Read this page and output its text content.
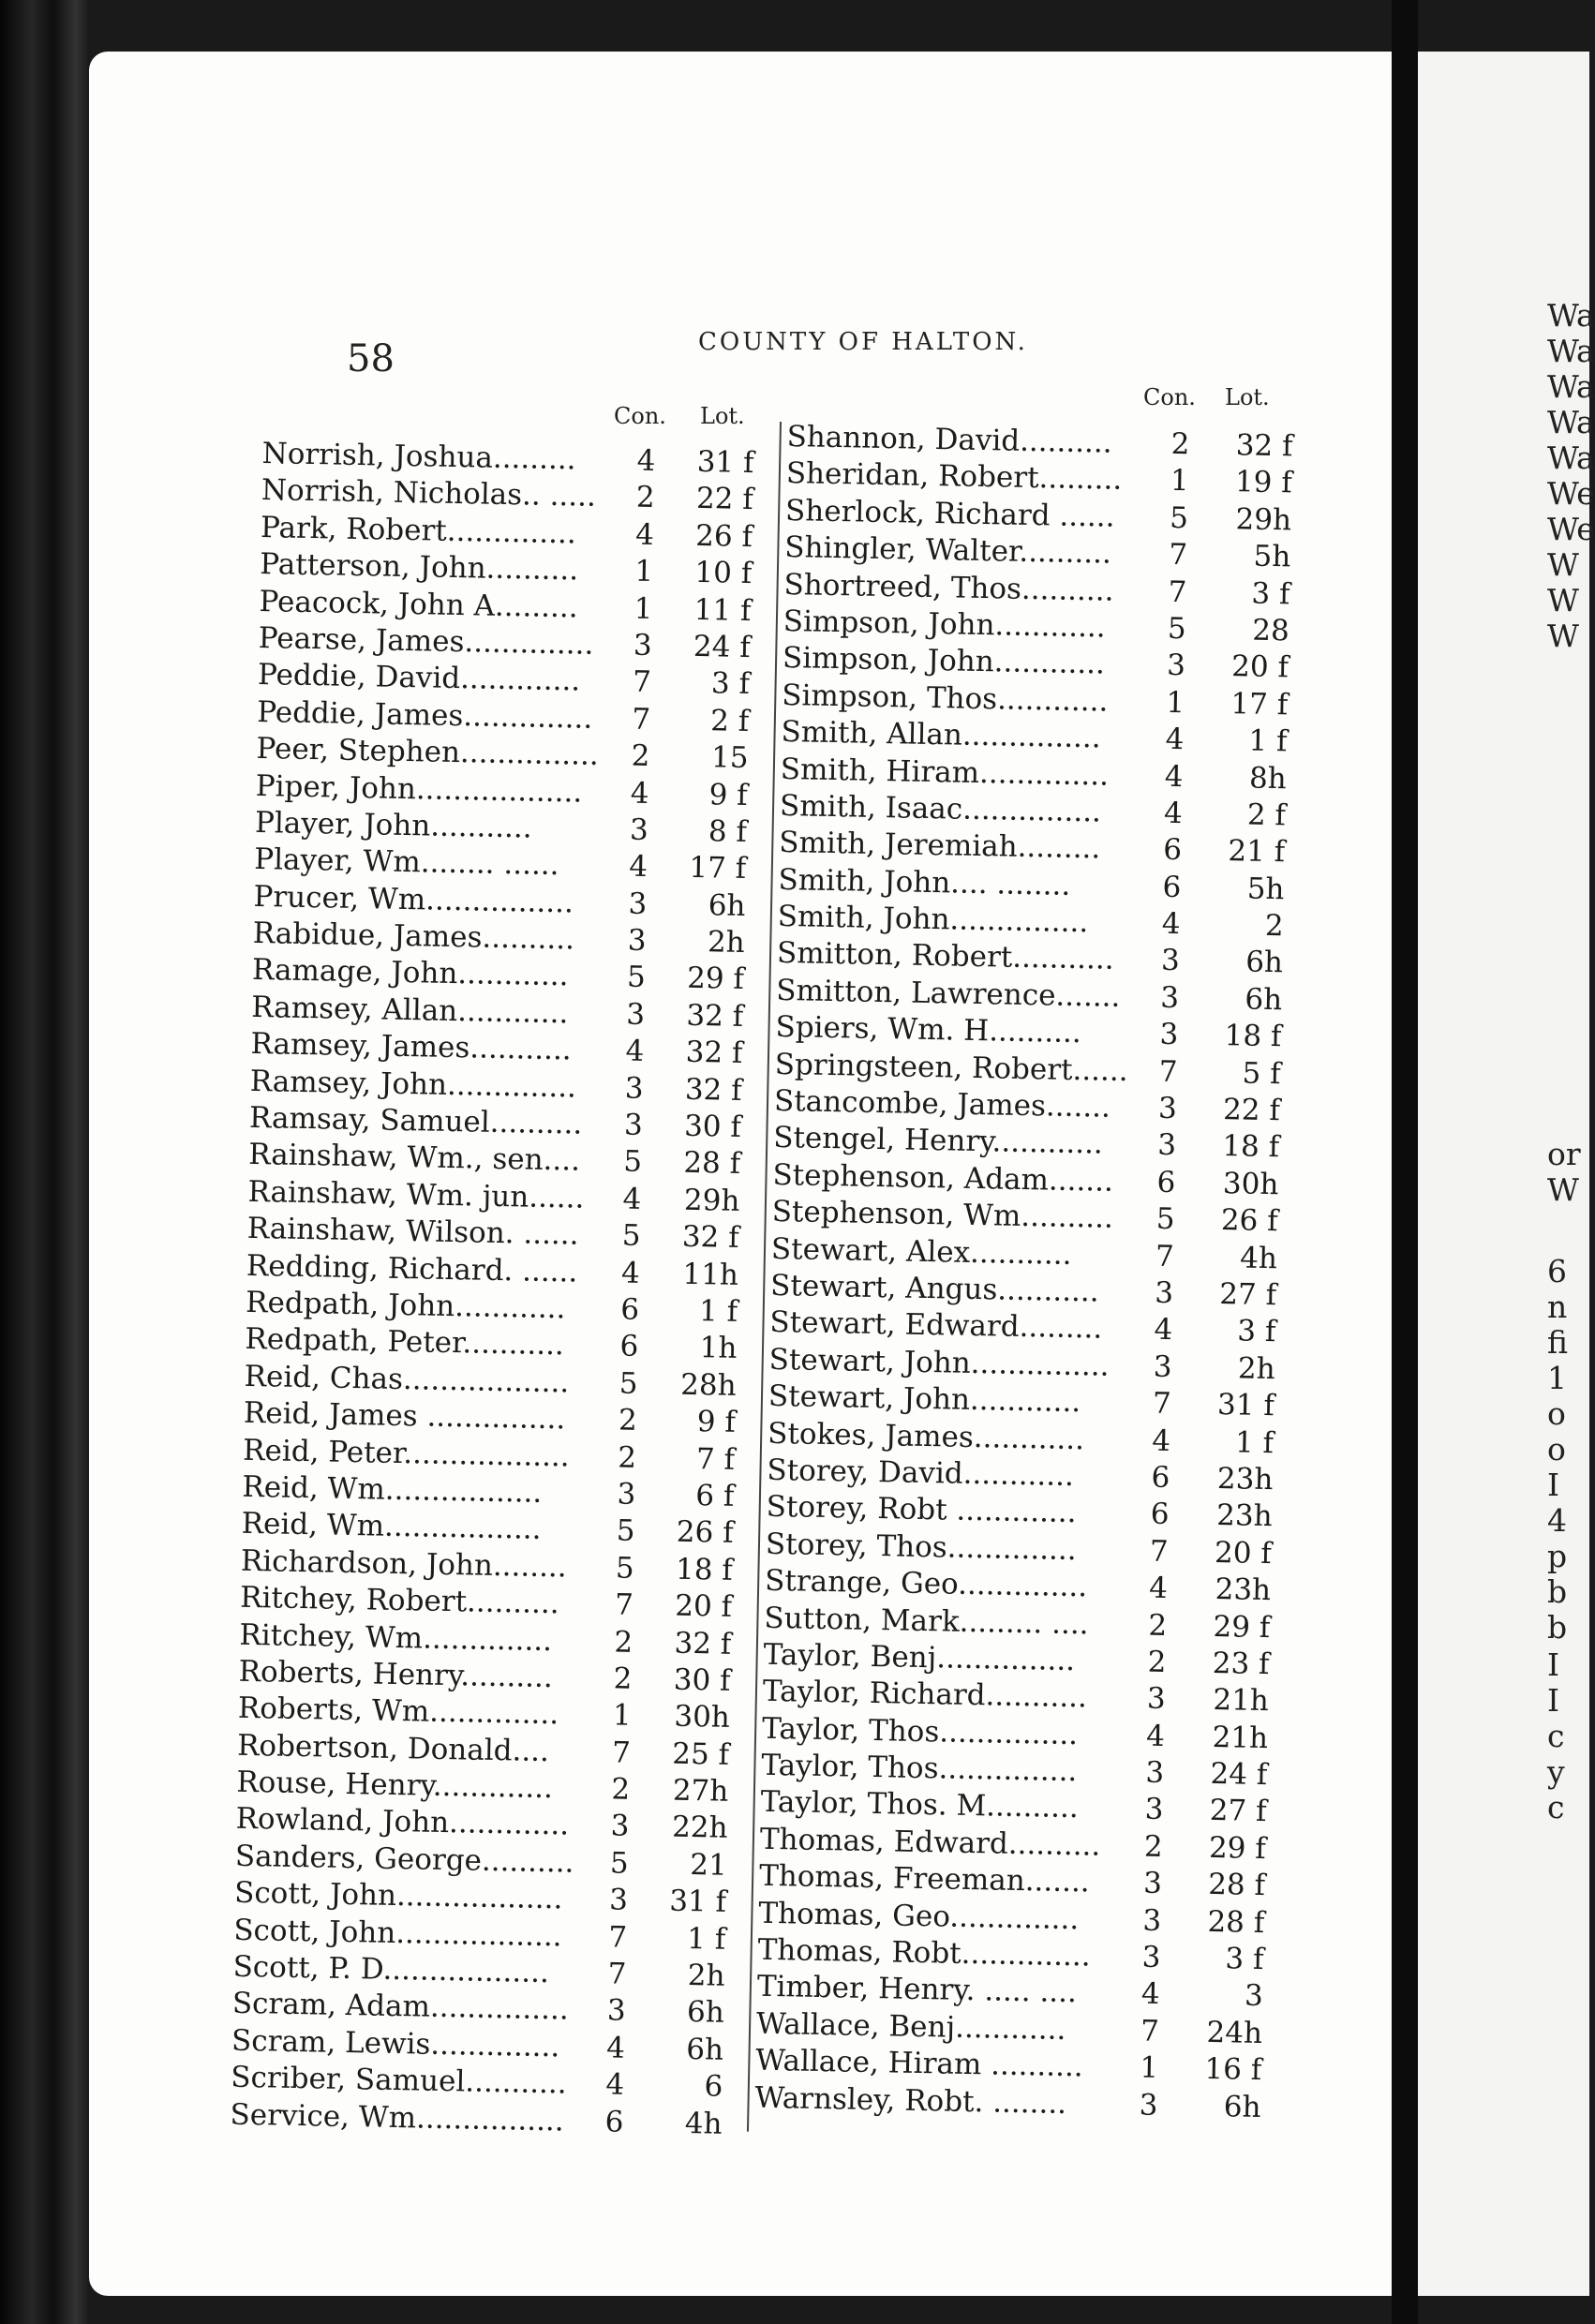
58	COUNTY OF HALTON.
Con. Lot.
Con. Lot.
Norrish, Joshua.........	4	31 f
Norrish, Nicholas.. .....	2	22 f
Park, Robert..............	4	26 f
Patterson, John..........	1	10 f
Peacock, John A.........	1	11 f
Pearse, James..............	3	24 f
Peddie, David.............	7	3 f
Peddie, James..............	7	2 f
Peer, Stephen...............	2	15
Piper, John..................	4	9 f
Player, John...........	3	8 f
Player, Wm........ ......	4	17 f
Prucer, Wm................	3	6h
Rabidue, James..........	3	2h
Ramage, John............	5	29 f
Ramsey, Allan............	3	32 f
Ramsey, James...........	4	32 f
Ramsey, John..............	3	32 f
Ramsay, Samuel..........	3	30 f
Rainshaw, Wm., sen....	5	28 f
Rainshaw, Wm. jun......	4	29h
Rainshaw, Wilson. ......	5	32 f
Redding, Richard. ......	4	11h
Redpath, John............	6	1 f
Redpath, Peter...........	6	1h
Reid, Chas..................	5	28h
Reid, James ...............	2	9 f
Reid, Peter..................	2	7 f
Reid, Wm.................	3	6 f
Reid, Wm.................	5	26 f
Richardson, John........	5	18 f
Ritchey, Robert..........	7	20 f
Ritchey, Wm..............	2	32 f
Roberts, Henry..........	2	30 f
Roberts, Wm..............	1	30h
Robertson, Donald....	7	25 f
Rouse, Henry.............	2	27h
Rowland, John.............	3	22h
Sanders, George..........	5	21
Scott, John..................	3	31 f
Scott, John..................	7	1 f
Scott, P. D..................	7	2h
Scram, Adam...............	3	6h
Scram, Lewis..............	4	6h
Scriber, Samuel...........	4	6
Service, Wm................	6	4h
Shannon, David..........	2	32 f
Sheridan, Robert.........	1	19 f
Sherlock, Richard ......	5	29h
Shingler, Walter..........	7	5h
Shortreed, Thos..........	7	3 f
Simpson, John............	5	28
Simpson, John............	3	20 f
Simpson, Thos............	1	17 f
Smith, Allan...............	4	1 f
Smith, Hiram..............	4	8h
Smith, Isaac...............	4	2 f
Smith, Jeremiah.........	6	21 f
Smith, John.... ........	6	5h
Smith, John...............	4	2
Smitton, Robert...........	3	6h
Smitton, Lawrence.......	3	6h
Spiers, Wm. H..........	3	18 f
Springsteen, Robert......	7	5 f
Stancombe, James.......	3	22 f
Stengel, Henry............	3	18 f
Stephenson, Adam.......	6	30h
Stephenson, Wm..........	5	26 f
Stewart, Alex...........	7	4h
Stewart, Angus...........	3	27 f
Stewart, Edward.........	4	3 f
Stewart, John...............	3	2h
Stewart, John............	7	31 f
Stokes, James............	4	1 f
Storey, David............	6	23h
Storey, Robt .............	6	23h
Storey, Thos..............	7	20 f
Strange, Geo..............	4	23h
Sutton, Mark......... ....	2	29 f
Taylor, Benj...............	2	23 f
Taylor, Richard...........	3	21h
Taylor, Thos...............	4	21h
Taylor, Thos...............	3	24 f
Taylor, Thos. M..........	3	27 f
Thomas, Edward..........	2	29 f
Thomas, Freeman.......	3	28 f
Thomas, Geo..............	3	28 f
Thomas, Robt..............	3	3 f
Timber, Henry. ..... ....	4	3
Wallace, Benj............	7	24h
Wallace, Hiram ..........	1	16 f
Warnsley, Robt. ........	3	6h
Wa
Wa
Wa
Wa
Wa
We
We
W
W
W
or
W
6
n
fi
1
o
o
I
4
p
b
b
I
I
c
y
c
